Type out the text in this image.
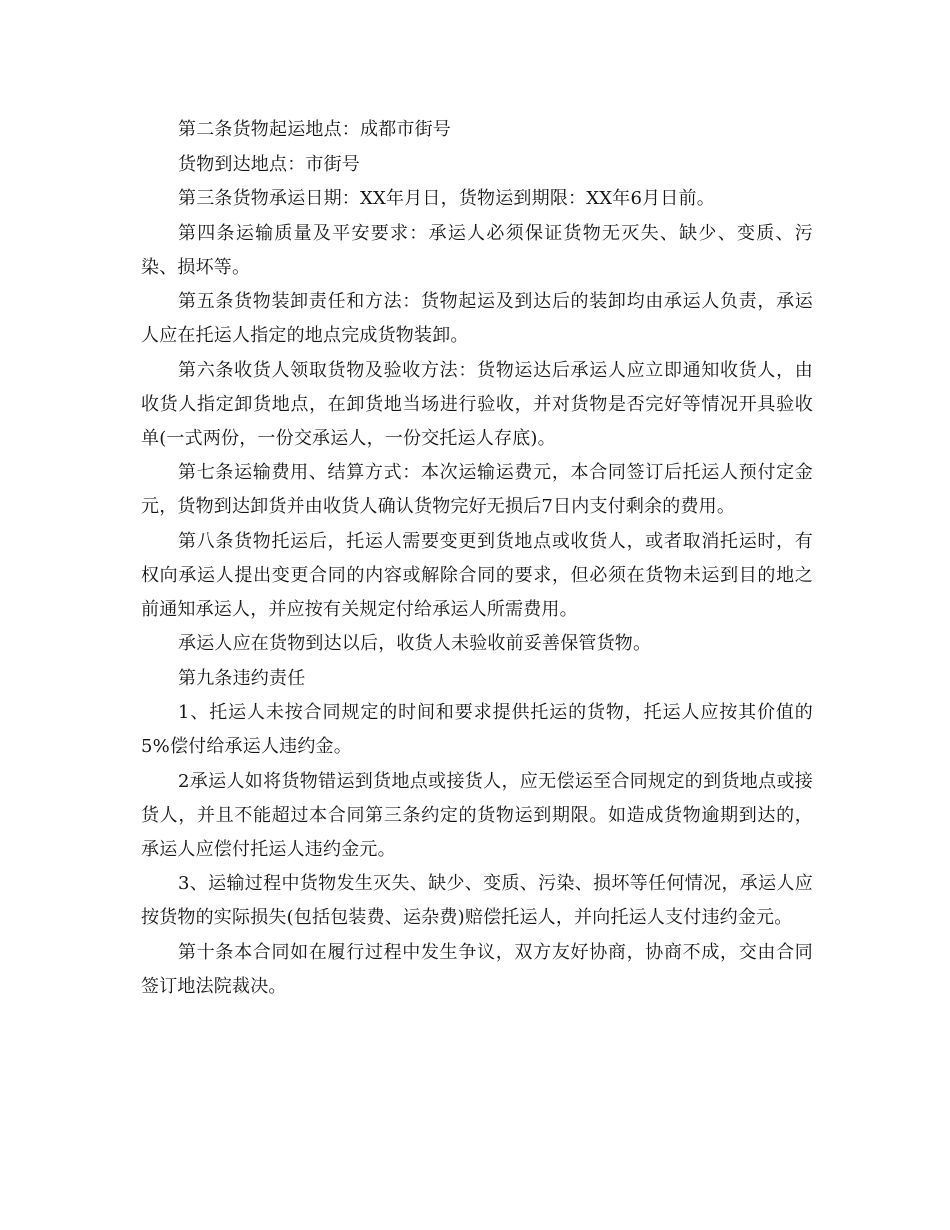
第二条货物起运地点：成都市街号

货物到达地点：市街号

第三条货物承运日期：XX年月日，货物运到期限：XX年6月日前。

第四条运输质量及平安要求：承运人必须保证货物无灭失、缺少、变质、污染、损坏等。

第五条货物装卸责任和方法：货物起运及到达后的装卸均由承运人负责，承运人应在托运人指定的地点完成货物装卸。

第六条收货人领取货物及验收方法：货物运达后承运人应立即通知收货人，由收货人指定卸货地点，在卸货地当场进行验收，并对货物是否完好等情况开具验收单(一式两份，一份交承运人，一份交托运人存底)。

第七条运输费用、结算方式：本次运输运费元，本合同签订后托运人预付定金元，货物到达卸货并由收货人确认货物完好无损后7日内支付剩余的费用。

第八条货物托运后，托运人需要变更到货地点或收货人，或者取消托运时，有权向承运人提出变更合同的内容或解除合同的要求，但必须在货物未运到目的地之前通知承运人，并应按有关规定付给承运人所需费用。

承运人应在货物到达以后，收货人未验收前妥善保管货物。

第九条违约责任

1、托运人未按合同规定的时间和要求提供托运的货物，托运人应按其价值的5%偿付给承运人违约金。

2承运人如将货物错运到货地点或接货人，应无偿运至合同规定的到货地点或接货人，并且不能超过本合同第三条约定的货物运到期限。如造成货物逾期到达的，承运人应偿付托运人违约金元。

3、运输过程中货物发生灭失、缺少、变质、污染、损坏等任何情况，承运人应按货物的实际损失(包括包装费、运杂费)赔偿托运人，并向托运人支付违约金元。

第十条本合同如在履行过程中发生争议，双方友好协商，协商不成，交由合同签订地法院裁决。
